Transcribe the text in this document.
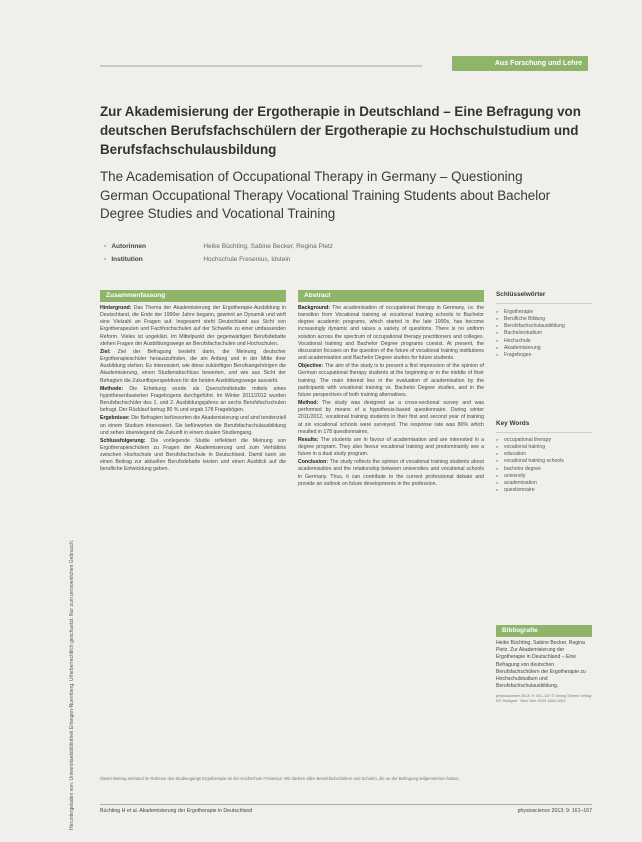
Heruntergeladen von: Universitaetsbibliothek Erlangen-Nuernberg. Urheberrechtlich geschuetzt. Nur zum persoenlichen Gebrauch.
Aus Forschung und Lehre
Zur Akademisierung der Ergotherapie in Deutschland – Eine Befragung von deutschen Berufsfachschülern der Ergotherapie zu Hochschulstudium und Berufsfachschulausbildung
The Academisation of Occupational Therapy in Germany – Questioning German Occupational Therapy Vocational Training Students about Bachelor Degree Studies and Vocational Training
▪ Autorinnen	Heike Büchting, Sabine Becker, Regina Pietz
▪ Institution	Hochschule Fresenius, Idstein
Zusammenfassung

Hintergrund: Das Thema der Akademisierung der Ergotherapie-Ausbildung in Deutschland, die Ende der 1990er Jahre begann, gewinnt an Dynamik und wirft eine Vielzahl an Fragen auf. Insgesamt steht Deutschland aus Sicht von Ergotherapeuten und Fachhochschulen auf der Schwelle zu einer umfassenden Reform. Vieles ist ungeklärt. Im Mittelpunkt der gegenwärtigen Berufsdebatte stehen Fragen der Ausbildungswege an Berufsfachschulen und Hochschulen.

Ziel: Ziel der Befragung besteht darin, die Meinung deutscher Ergotherapieschüler herauszufinden, die am Anfang und in der Mitte ihrer Ausbildung stehen. Es interessiert, wie diese zukünftigen Berufsangehörigen die Akademisierung, einen Studienabschluss bewerten, und wie aus Sicht der Befragten die Zukunftsperspektiven für die beiden Ausbildungswege aussieht.

Methode: Die Erhebung wurde als Querschnittstudie mittels eines hypothesenbasierten Fragebogens durchgeführt. Im Winter 2011/2012 wurden Berufsfachschüler des 1. und 2. Ausbildungsjahres an sechs Berufsfachschulen befragt. Der Rücklauf betrug 80 % und ergab 178 Fragebögen.

Ergebnisse: Die Befragten befürworten die Akademisierung und sind tendenziell an einem Studium interessiert. Sie befürworten die Berufsfachschulausbildung und sehen überwiegend die Zukunft in einem dualen Studiengang.

Schlussfolgerung: Die vorliegende Studie reflektiert die Meinung von Ergotherapieschülern zu Fragen der Akademisierung und zum Verhältnis zwischen Hochschule und Berufsfachschule in Deutschland. Damit kann sie einen Beitrag zur aktuellen Berufsdebatte leisten und einen Ausblick auf die berufliche Entwicklung geben.

Abstract

Background: The academisation of occupational therapy in Germany, i.e. the transition from Vocational training at vocational training schools to Bachelor degree academic programs, which started in the late 1990s, has become increasingly dynamic and raises a variety of questions. There is no uniform solution across the spectrum of occupational therapy practitioners and colleges. Vocational training and Bachelor Degree programs coexist. At present, the discussion focuses on the question of the future of vocational training institutions and academisation and Bachelor Degree studies for future students.

Objective: The aim of the study is to present a first impression of the opinion of German occupational therapy students at the beginning or in the middle of their training. The main interest lies in the evaluation of academisation by the participants with vocational training vs. Bachelor Degree studies, and in the future perspectives of both training alternatives.

Method: The study was designed as a cross-sectional survey and was performed by means of a hypothesis-based questionnaire. During winter 2011/2012, vocational training students in their first and second year of training at six vocational schools were surveyed. The response rate was 80% which resulted in 178 questionnaires.

Results: The students are in favour of academisation and are interested in a degree program. They also favour vocational training and predominantly see a future in a dual study program.

Conclusion: The study reflects the opinion of vocational training students about academisation and the relationship between universities and vocational schools in Germany. Thus, it can contribute to the current professional debate and provide an outlook on future developments in the profession.

Schlüsselwörter
■ Ergotherapie
■ Berufliche Bildung
■ Berufsfachschulausbildung
■ Bachelorstudium
■ Hochschule
■ Akademisierung
■ Fragebogen
Key Words
■ occupational therapy
■ vocational training
■ education
■ vocational training schools
■ bachelor degree
■ university
■ academisation
■ questionnaire
Bibliografie
Heike Büchting, Sabine Becker, Regina Pietz. Zur Akademisierung der Ergotherapie in Deutschland – Eine Befragung von deutschen Berufsfachschülern der Ergotherapie zu Hochschulstudium und Berufsfachschulausbildung.
physioscience 2013; 9: 161–167 © Georg Thieme Verlag KG Stuttgart · New York ISSN 1860-3092
Dieser Beitrag entstand im Rahmen des Studiengangs Ergotherapie an der Hochschule Fresenius. Wir danken allen Berufsfachschülern und Schulen, die an der Befragung teilgenommen haben.
Büchting H et al. Akademisierung der Ergotherapie in Deutschland	physioscience 2013; 9: 161–167
